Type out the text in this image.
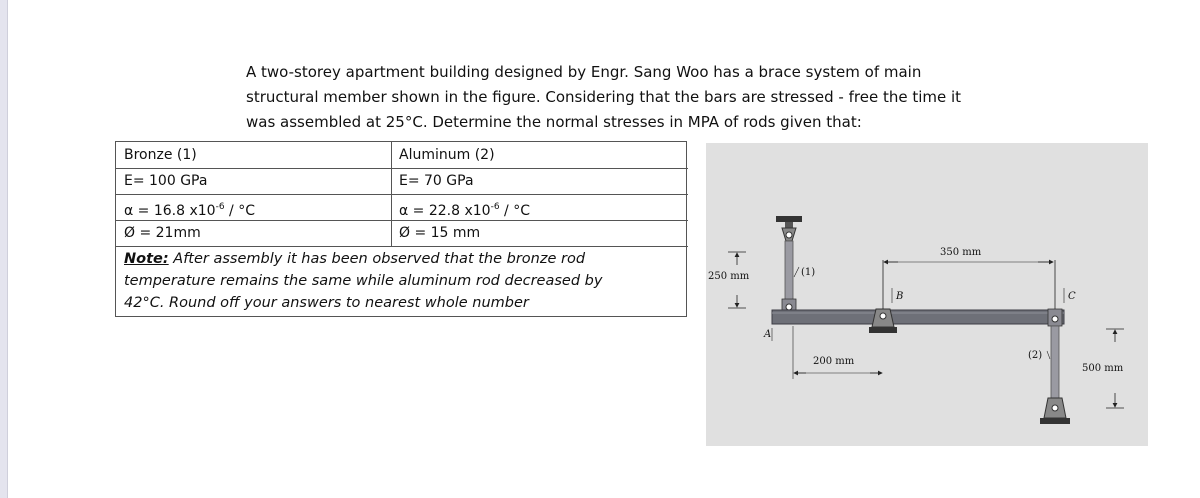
A two-storey apartment building designed by Engr. Sang Woo has a brace system of main
structural member shown in the figure. Considering that the bars are stressed - free the time it
was assembled at 25°C. Determine the normal stresses in MPA of rods given that:
Bronze (1)	Aluminum (2)
E= 100 GPa	E= 70 GPa
α = 16.8 $x10^{-6} / ^\circ C$	α = 22.8 $x10^{-6} / ^\circ C$
Ø = 21mm	Ø = 15 mm
Note: After assembly it has been observed that the bronze rod
temperature remains the same while aluminum rod decreased by
42°C. Round off your answers to nearest whole number
250 mm
350 mm
200 mm
500 mm
(1)
(2)
A
B	C
